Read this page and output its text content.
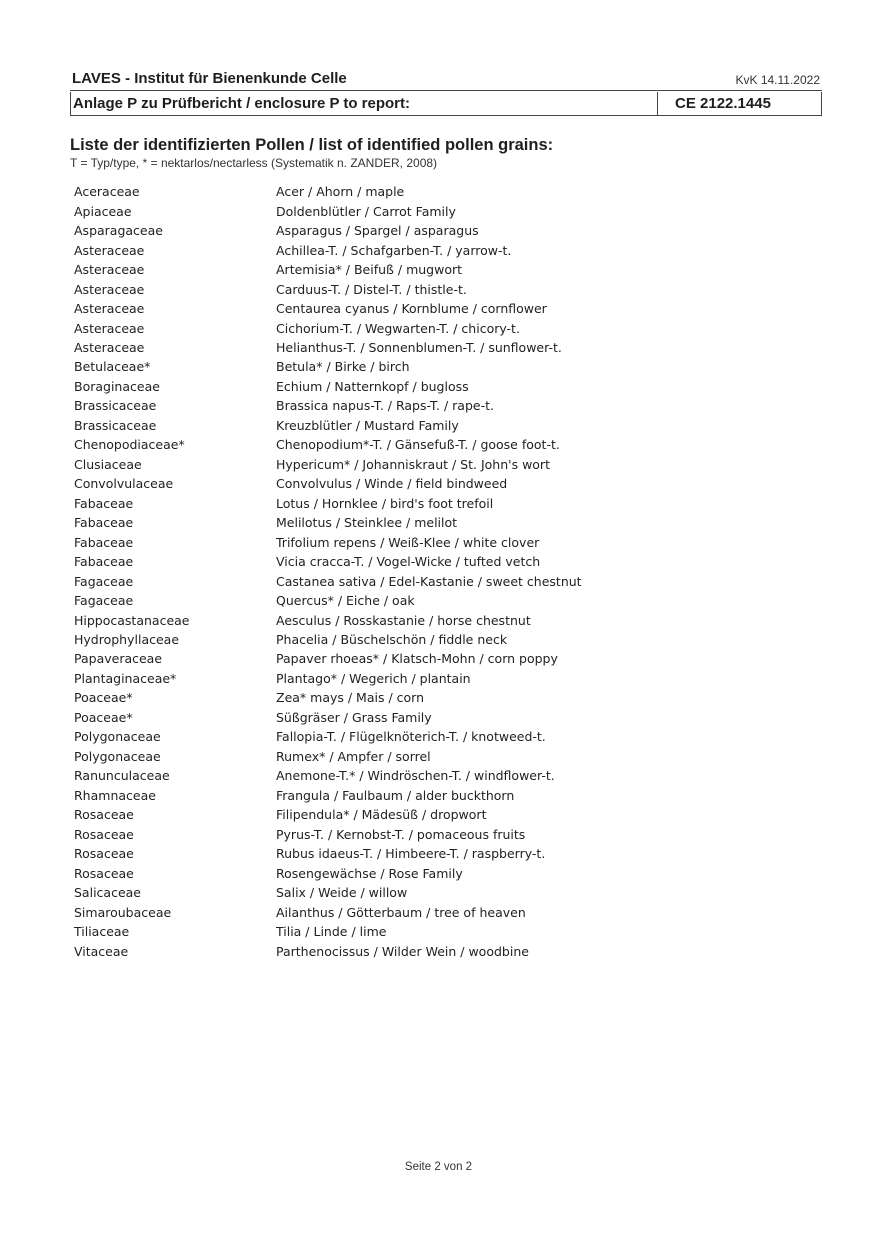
LAVES - Institut für Bienenkunde Celle	KvK 14.11.2022
Anlage P zu Prüfbericht / enclosure P to report:	CE 2122.1445
Liste der identifizierten Pollen / list of identified pollen grains:
T = Typ/type, * = nektarlos/nectarless (Systematik n. ZANDER, 2008)
Aceraceae	Acer / Ahorn / maple
Apiaceae	Doldenblütler / Carrot Family
Asparagaceae	Asparagus / Spargel / asparagus
Asteraceae	Achillea-T. / Schafgarben-T. / yarrow-t.
Asteraceae	Artemisia* / Beifuß / mugwort
Asteraceae	Carduus-T. / Distel-T. / thistle-t.
Asteraceae	Centaurea cyanus / Kornblume / cornflower
Asteraceae	Cichorium-T. / Wegwarten-T. / chicory-t.
Asteraceae	Helianthus-T. / Sonnenblumen-T. / sunflower-t.
Betulaceae*	Betula* / Birke / birch
Boraginaceae	Echium / Natternkopf / bugloss
Brassicaceae	Brassica napus-T. / Raps-T. / rape-t.
Brassicaceae	Kreuzblütler / Mustard Family
Chenopodiaceae*	Chenopodium*-T. / Gänsefuß-T. / goose foot-t.
Clusiaceae	Hypericum* / Johanniskraut / St. John's wort
Convolvulaceae	Convolvulus / Winde / field bindweed
Fabaceae	Lotus / Hornklee / bird's foot trefoil
Fabaceae	Melilotus / Steinklee / melilot
Fabaceae	Trifolium repens / Weiß-Klee / white clover
Fabaceae	Vicia cracca-T. / Vogel-Wicke / tufted vetch
Fagaceae	Castanea sativa / Edel-Kastanie / sweet chestnut
Fagaceae	Quercus* / Eiche / oak
Hippocastanaceae	Aesculus / Rosskastanie / horse chestnut
Hydrophyllaceae	Phacelia / Büschelschön / fiddle neck
Papaveraceae	Papaver rhoeas* / Klatsch-Mohn / corn poppy
Plantaginaceae*	Plantago* / Wegerich / plantain
Poaceae*	Zea* mays / Mais / corn
Poaceae*	Süßgräser / Grass Family
Polygonaceae	Fallopia-T. / Flügelknöterich-T. / knotweed-t.
Polygonaceae	Rumex* / Ampfer / sorrel
Ranunculaceae	Anemone-T.* / Windröschen-T. / windflower-t.
Rhamnaceae	Frangula / Faulbaum / alder buckthorn
Rosaceae	Filipendula* / Mädesüß / dropwort
Rosaceae	Pyrus-T. / Kernobst-T. / pomaceous fruits
Rosaceae	Rubus idaeus-T. / Himbeere-T. / raspberry-t.
Rosaceae	Rosengewächse / Rose Family
Salicaceae	Salix / Weide / willow
Simaroubaceae	Ailanthus / Götterbaum / tree of heaven
Tiliaceae	Tilia / Linde / lime
Vitaceae	Parthenocissus / Wilder Wein / woodbine
Seite 2 von 2
